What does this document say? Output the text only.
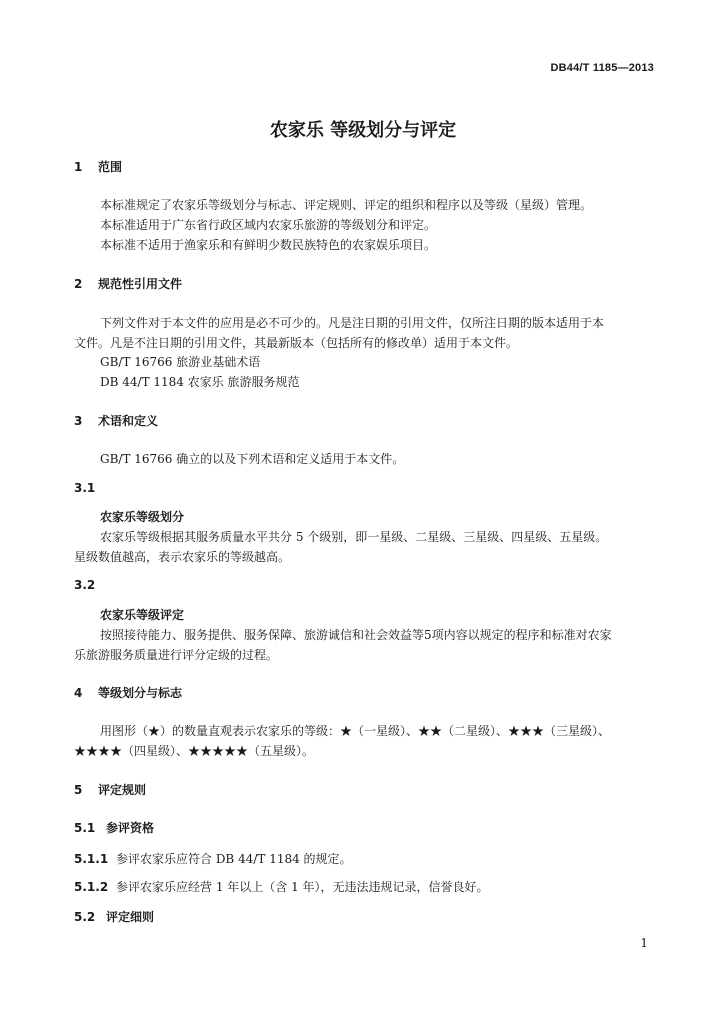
DB44/T 1185—2013
农家乐 等级划分与评定
1 范围
本标准规定了农家乐等级划分与标志、评定规则、评定的组织和程序以及等级（星级）管理。
本标准适用于广东省行政区域内农家乐旅游的等级划分和评定。
本标准不适用于渔家乐和有鲜明少数民族特色的农家娱乐项目。
2 规范性引用文件
下列文件对于本文件的应用是必不可少的。凡是注日期的引用文件，仅所注日期的版本适用于本
文件。凡是不注日期的引用文件，其最新版本（包括所有的修改单）适用于本文件。
GB/T 16766 旅游业基础术语
DB 44/T 1184 农家乐 旅游服务规范
3 术语和定义
GB/T 16766 确立的以及下列术语和定义适用于本文件。
3.1
农家乐等级划分
农家乐等级根据其服务质量水平共分 5 个级别，即一星级、二星级、三星级、四星级、五星级。
星级数值越高，表示农家乐的等级越高。
3.2
农家乐等级评定
按照接待能力、服务提供、服务保障、旅游诚信和社会效益等5项内容以规定的程序和标准对农家
乐旅游服务质量进行评分定级的过程。
4 等级划分与标志
用图形（★）的数量直观表示农家乐的等级：★（一星级）、★★（二星级）、★★★（三星级）、
★★★★（四星级）、★★★★★（五星级）。
5 评定规则
5.1 参评资格
5.1.1 参评农家乐应符合 DB 44/T 1184 的规定。
5.1.2 参评农家乐应经营 1 年以上（含 1 年），无违法违规记录，信誉良好。
5.2 评定细则
1
